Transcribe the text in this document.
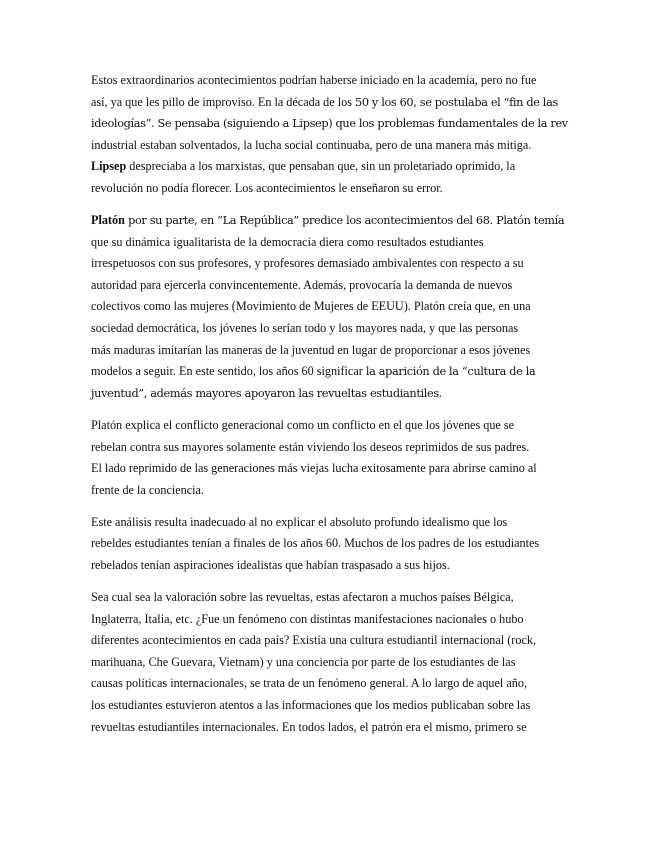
Estos extraordinarios acontecimientos podrían haberse iniciado en la academia, pero no fue
así, ya que les pillo de improviso. En la década de los 50 y los 60, se postulaba el “fin de las
ideologías”. Se pensaba (siguiendo a Lipsep) que los problemas fundamentales de la rev
industrial estaban solventados, la lucha social continuaba, pero de una manera más mitiga.
Lipsep despreciaba a los marxistas, que pensaban que, sin un proletariado oprimido, la
revolución no podía florecer. Los acontecimientos le enseñaron su error.

Platón por su parte, en “La República” predice los acontecimientos del 68. Platón temía
que su dinámica igualitarista de la democracia diera como resultados estudiantes
irrespetuosos con sus profesores, y profesores demasiado ambivalentes con respecto a su
autoridad para ejercerla convincentemente. Además, provocaría la demanda de nuevos
colectivos como las mujeres (Movimiento de Mujeres de EEUU). Platón creía que, en una
sociedad democrática, los jóvenes lo serían todo y los mayores nada, y que las personas
más maduras imitarían las maneras de la juventud en lugar de proporcionar a esos jóvenes
modelos a seguir. En este sentido, los años 60 significar la aparición de la “cultura de la
juventud”, además mayores apoyaron las revueltas estudiantiles.

Platón explica el conflicto generacional como un conflicto en el que los jóvenes que se
rebelan contra sus mayores solamente están viviendo los deseos reprimidos de sus padres.
El lado reprimido de las generaciones más viejas lucha exitosamente para abrirse camino al
frente de la conciencia.

Este análisis resulta inadecuado al no explicar el absoluto profundo idealismo que los
rebeldes estudiantes tenían a finales de los años 60. Muchos de los padres de los estudiantes
rebelados tenían aspiraciones idealistas que habían traspasado a sus hijos.

Sea cual sea la valoración sobre las revueltas, estas afectaron a muchos países Bélgica,
Inglaterra, Italia, etc. ¿Fue un fenómeno con distintas manifestaciones nacionales o hubo
diferentes acontecimientos en cada país? Existía una cultura estudiantil internacional (rock,
marihuana, Che Guevara, Vietnam) y una conciencia por parte de los estudiantes de las
causas políticas internacionales, se trata de un fenómeno general. A lo largo de aquel año,
los estudiantes estuvieron atentos a las informaciones que los medios publicaban sobre las
revueltas estudiantiles internacionales. En todos lados, el patrón era el mismo, primero se
